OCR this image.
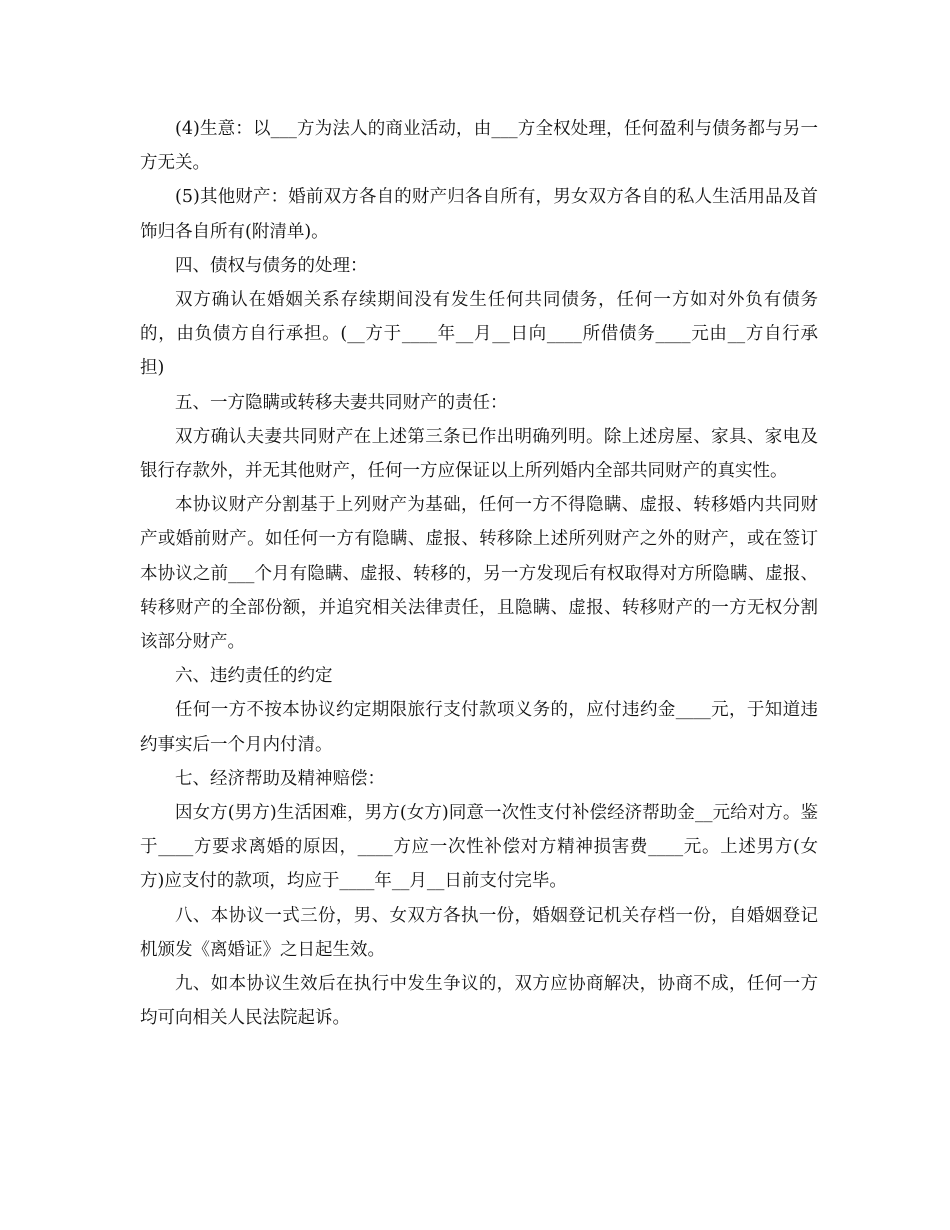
(4)生意：以___方为法人的商业活动，由___方全权处理，任何盈利与债务都与另一方无关。

(5)其他财产：婚前双方各自的财产归各自所有，男女双方各自的私人生活用品及首饰归各自所有(附清单)。

四、债权与债务的处理：

双方确认在婚姻关系存续期间没有发生任何共同债务，任何一方如对外负有债务的，由负债方自行承担。(__方于____年__月__日向____所借债务____元由__方自行承担)

五、一方隐瞒或转移夫妻共同财产的责任：

双方确认夫妻共同财产在上述第三条已作出明确列明。除上述房屋、家具、家电及银行存款外，并无其他财产，任何一方应保证以上所列婚内全部共同财产的真实性。

本协议财产分割基于上列财产为基础，任何一方不得隐瞒、虚报、转移婚内共同财产或婚前财产。如任何一方有隐瞒、虚报、转移除上述所列财产之外的财产，或在签订本协议之前___个月有隐瞒、虚报、转移的，另一方发现后有权取得对方所隐瞒、虚报、转移财产的全部份额，并追究相关法律责任，且隐瞒、虚报、转移财产的一方无权分割该部分财产。

六、违约责任的约定

任何一方不按本协议约定期限旅行支付款项义务的，应付违约金____元，于知道违约事实后一个月内付清。

七、经济帮助及精神赔偿：

因女方(男方)生活困难，男方(女方)同意一次性支付补偿经济帮助金__元给对方。鉴于____方要求离婚的原因，____方应一次性补偿对方精神损害费____元。上述男方(女方)应支付的款项，均应于____年__月__日前支付完毕。

八、本协议一式三份，男、女双方各执一份，婚姻登记机关存档一份，自婚姻登记机颁发《离婚证》之日起生效。

九、如本协议生效后在执行中发生争议的，双方应协商解决，协商不成，任何一方均可向相关人民法院起诉。
